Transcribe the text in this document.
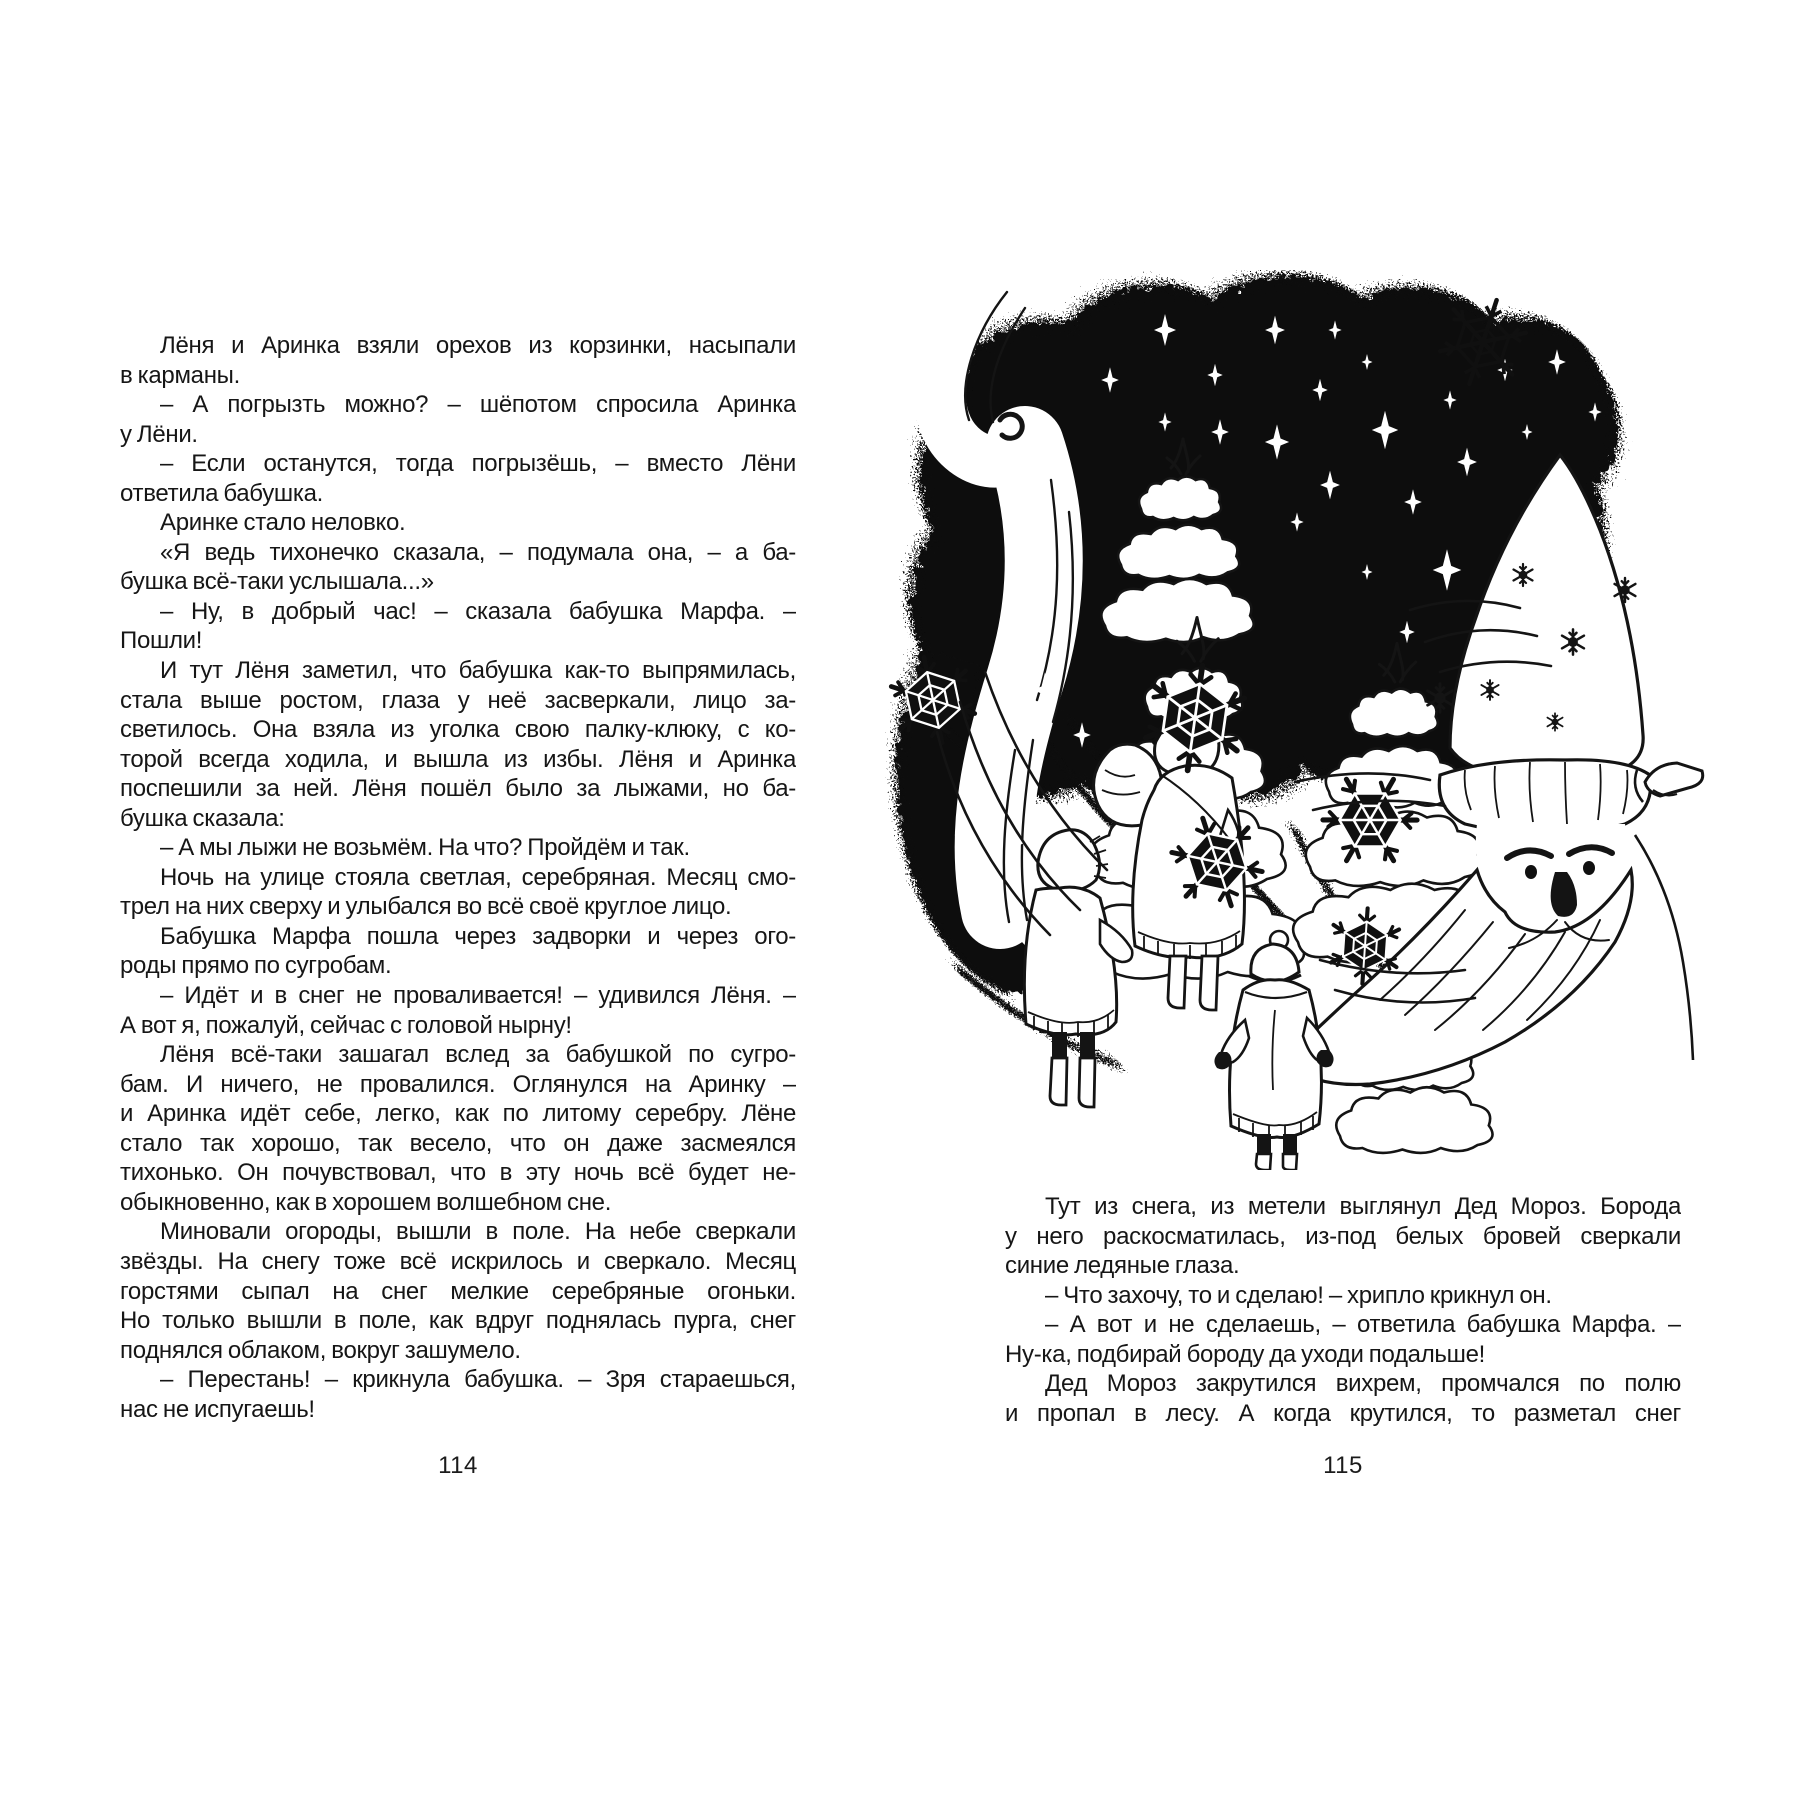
Лёня и Аринка взяли орехов из корзинки, насыпали
в карманы.
– А погрызть можно? – шёпотом спросила Аринка
у Лёни.
– Если останутся, тогда погрызёшь, – вместо Лёни
ответила бабушка.
Аринке стало неловко.
«Я ведь тихонечко сказала, – подумала она, – а ба-
бушка всё-таки услышала...»
– Ну, в добрый час! – сказала бабушка Марфа. –
Пошли!
И тут Лёня заметил, что бабушка как-то выпрямилась,
стала выше ростом, глаза у неё засверкали, лицо за-
светилось. Она взяла из уголка свою палку-клюку, с ко-
торой всегда ходила, и вышла из избы. Лёня и Аринка
поспешили за ней. Лёня пошёл было за лыжами, но ба-
бушка сказала:
– А мы лыжи не возьмём. На что? Пройдём и так.
Ночь на улице стояла светлая, серебряная. Месяц смо-
трел на них сверху и улыбался во всё своё круглое лицо.
Бабушка Марфа пошла через задворки и через ого-
роды прямо по сугробам.
– Идёт и в снег не проваливается! – удивился Лёня. –
А вот я, пожалуй, сейчас с головой нырну!
Лёня всё-таки зашагал вслед за бабушкой по сугро-
бам. И ничего, не провалился. Оглянулся на Аринку –
и Аринка идёт себе, легко, как по литому серебру. Лёне
стало так хорошо, так весело, что он даже засмеялся
тихонько. Он почувствовал, что в эту ночь всё будет не-
обыкновенно, как в хорошем волшебном сне.
Миновали огороды, вышли в поле. На небе сверкали
звёзды. На снегу тоже всё искрилось и сверкало. Месяц
горстями сыпал на снег мелкие серебряные огоньки.
Но только вышли в поле, как вдруг поднялась пурга, снег
поднялся облаком, вокруг зашумело.
– Перестань! – крикнула бабушка. – Зря стараешься,
нас не испугаешь!
114
Тут из снега, из метели выглянул Дед Мороз. Борода
у него раскосматилась, из-под белых бровей сверкали
синие ледяные глаза.
– Что захочу, то и сделаю! – хрипло крикнул он.
– А вот и не сделаешь, – ответила бабушка Марфа. –
Ну-ка, подбирай бороду да уходи подальше!
Дед Мороз закрутился вихрем, промчался по полю
и пропал в лесу. А когда крутился, то разметал снег
115
